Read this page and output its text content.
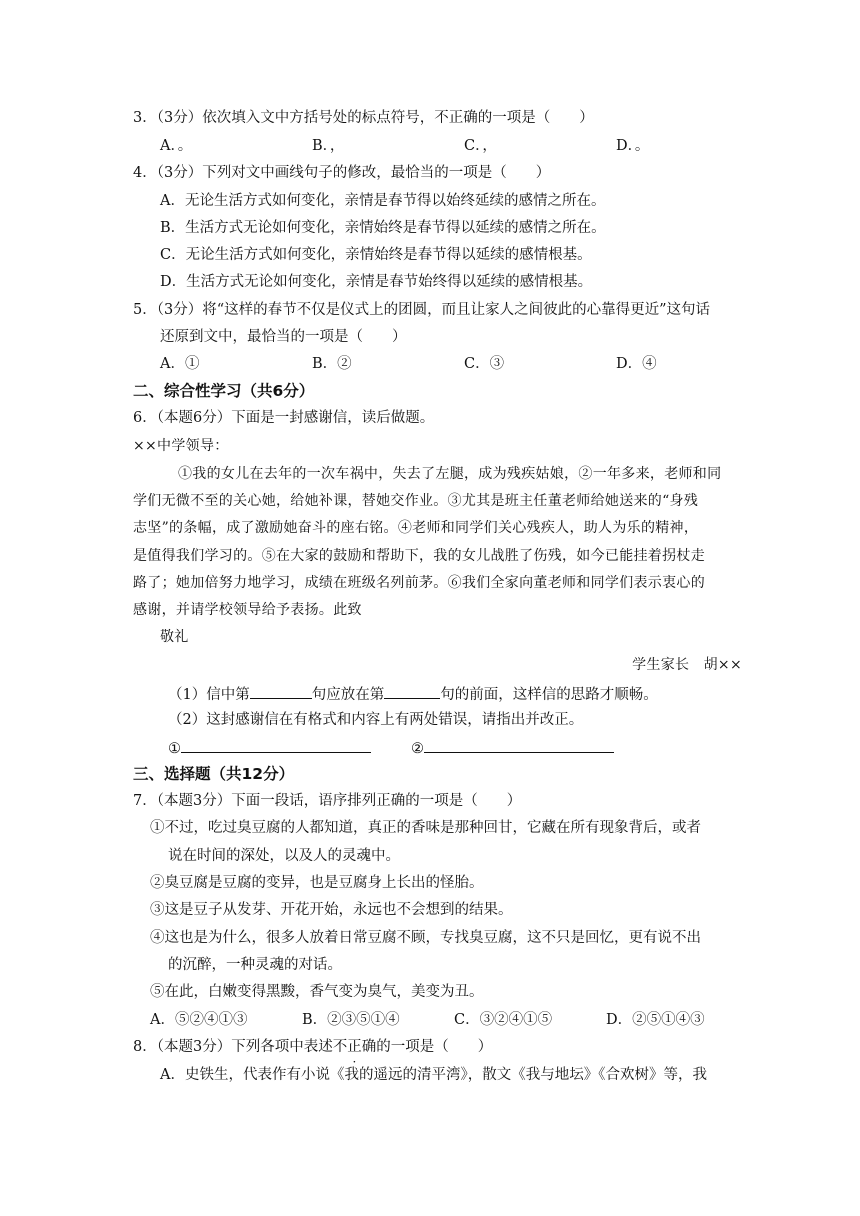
3．（3分）依次填入文中方括号处的标点符号，不正确的一项是（　　）
A．。	B．，	C．，	D．。
4．（3分）下列对文中画线句子的修改，最恰当的一项是（　　）
A．无论生活方式如何变化，亲情是春节得以始终延续的感情之所在。
B．生活方式无论如何变化，亲情始终是春节得以延续的感情之所在。
C．无论生活方式如何变化，亲情始终是春节得以延续的感情根基。
D．生活方式无论如何变化，亲情是春节始终得以延续的感情根基。
5．（3分）将“这样的春节不仅是仪式上的团圆，而且让家人之间彼此的心靠得更近”这句话
还原到文中，最恰当的一项是（　　）
A．①	B．②	C．③	D．④
二、综合性学习（共6分）
6．（本题6分）下面是一封感谢信，读后做题。
××中学领导：
①我的女儿在去年的一次车祸中，失去了左腿，成为残疾姑娘，②一年多来，老师和同
学们无微不至的关心她，给她补课，替她交作业。③尤其是班主任董老师给她送来的“身残
志坚”的条幅，成了激励她奋斗的座右铭。④老师和同学们关心残疾人，助人为乐的精神，
是值得我们学习的。⑤在大家的鼓励和帮助下，我的女儿战胜了伤残，如今已能挂着拐杖走
路了；她加倍努力地学习，成绩在班级名列前茅。⑥我们全家向董老师和同学们表示衷心的
感谢，并请学校领导给予表扬。此致
敬礼
学生家长　胡××
（1）信中第	句应放在第	句的前面，这样信的思路才顺畅。
（2）这封感谢信在有格式和内容上有两处错误，请指出并改正。
①	②
三、选择题（共12分）
7．（本题3分）下面一段话，语序排列正确的一项是（　　）
①不过，吃过臭豆腐的人都知道，真正的香味是那种回甘，它藏在所有现象背后，或者
说在时间的深处，以及人的灵魂中。
②臭豆腐是豆腐的变异，也是豆腐身上长出的怪胎。
③这是豆子从发芽、开花开始，永远也不会想到的结果。
④这也是为什么，很多人放着日常豆腐不顾，专找臭豆腐，这不只是回忆，更有说不出
的沉醉，一种灵魂的对话。
⑤在此，白嫩变得黑黢，香气变为臭气，美变为丑。
A．⑤②④①③	B．②③⑤①④	C．③②④①⑤	D．②⑤①④③
8．（本题3分）下列各项中表述不正确的一项是（　　）
A．史铁生，代表作有小说《我的遥远的清平湾》，散文《我与地坛》《合欢树》等，我
